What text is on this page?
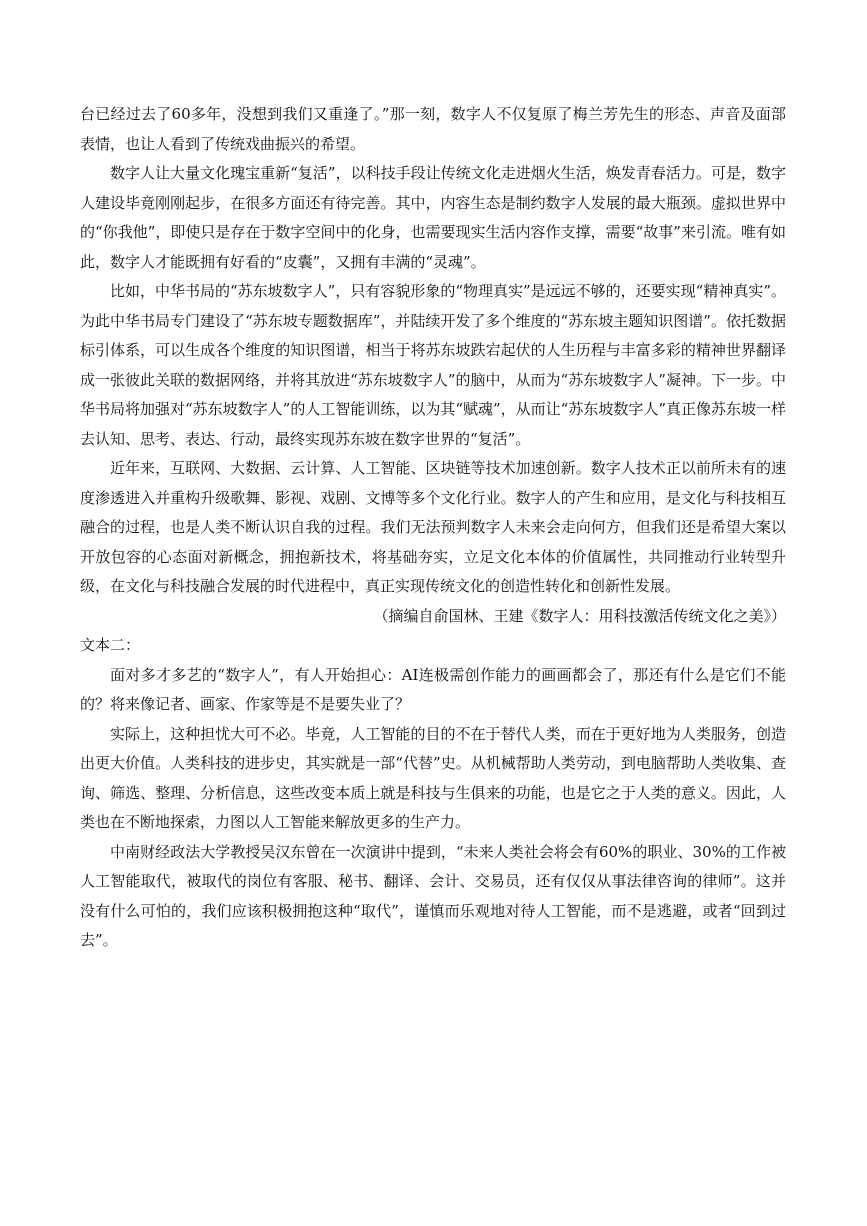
台已经过去了60多年，没想到我们又重逢了。”那一刻，数字人不仅复原了梅兰芳先生的形态、声音及面部表情，也让人看到了传统戏曲振兴的希望。

数字人让大量文化瑰宝重新“复活”，以科技手段让传统文化走进烟火生活，焕发青春活力。可是，数字人建设毕竟刚刚起步，在很多方面还有待完善。其中，内容生态是制约数字人发展的最大瓶颈。虚拟世界中的“你我他”，即使只是存在于数字空间中的化身，也需要现实生活内容作支撑，需要“故事”来引流。唯有如此，数字人才能既拥有好看的“皮囊”，又拥有丰满的“灵魂”。

比如，中华书局的“苏东坡数字人”，只有容貌形象的“物理真实”是远远不够的，还要实现“精神真实”。为此中华书局专门建设了“苏东坡专题数据库”，并陆续开发了多个维度的“苏东坡主题知识图谱”。依托数据标引体系，可以生成各个维度的知识图谱，相当于将苏东坡跌宕起伏的人生历程与丰富多彩的精神世界翻译成一张彼此关联的数据网络，并将其放进“苏东坡数字人”的脑中，从而为“苏东坡数字人”凝神。下一步。中华书局将加强对“苏东坡数字人”的人工智能训练，以为其“赋魂”，从而让“苏东坡数字人”真正像苏东坡一样去认知、思考、表达、行动，最终实现苏东坡在数字世界的“复活”。

近年来，互联网、大数据、云计算、人工智能、区块链等技术加速创新。数字人技术正以前所未有的速度渗透进入并重构升级歌舞、影视、戏剧、文博等多个文化行业。数字人的产生和应用，是文化与科技相互融合的过程，也是人类不断认识自我的过程。我们无法预判数字人未来会走向何方，但我们还是希望大案以开放包容的心态面对新概念，拥抱新技术，将基础夯实，立足文化本体的价值属性，共同推动行业转型升级，在文化与科技融合发展的时代进程中，真正实现传统文化的创造性转化和创新性发展。

（摘编自俞国林、王建《数字人：用科技激活传统文化之美》）

文本二：

面对多才多艺的“数字人”，有人开始担心：AI连极需创作能力的画画都会了，那还有什么是它们不能的？将来像记者、画家、作家等是不是要失业了？

实际上，这种担忧大可不必。毕竟，人工智能的目的不在于替代人类，而在于更好地为人类服务，创造出更大价值。人类科技的进步史，其实就是一部“代替”史。从机械帮助人类劳动，到电脑帮助人类收集、查询、筛选、整理、分析信息，这些改变本质上就是科技与生俱来的功能，也是它之于人类的意义。因此，人类也在不断地探索，力图以人工智能来解放更多的生产力。

中南财经政法大学教授吴汉东曾在一次演讲中提到，“未来人类社会将会有60%的职业、30%的工作被人工智能取代，被取代的岗位有客服、秘书、翻译、会计、交易员，还有仅仅从事法律咨询的律师”。这并没有什么可怕的，我们应该积极拥抱这种“取代”，谨慎而乐观地对待人工智能，而不是逃避，或者“回到过去”。
